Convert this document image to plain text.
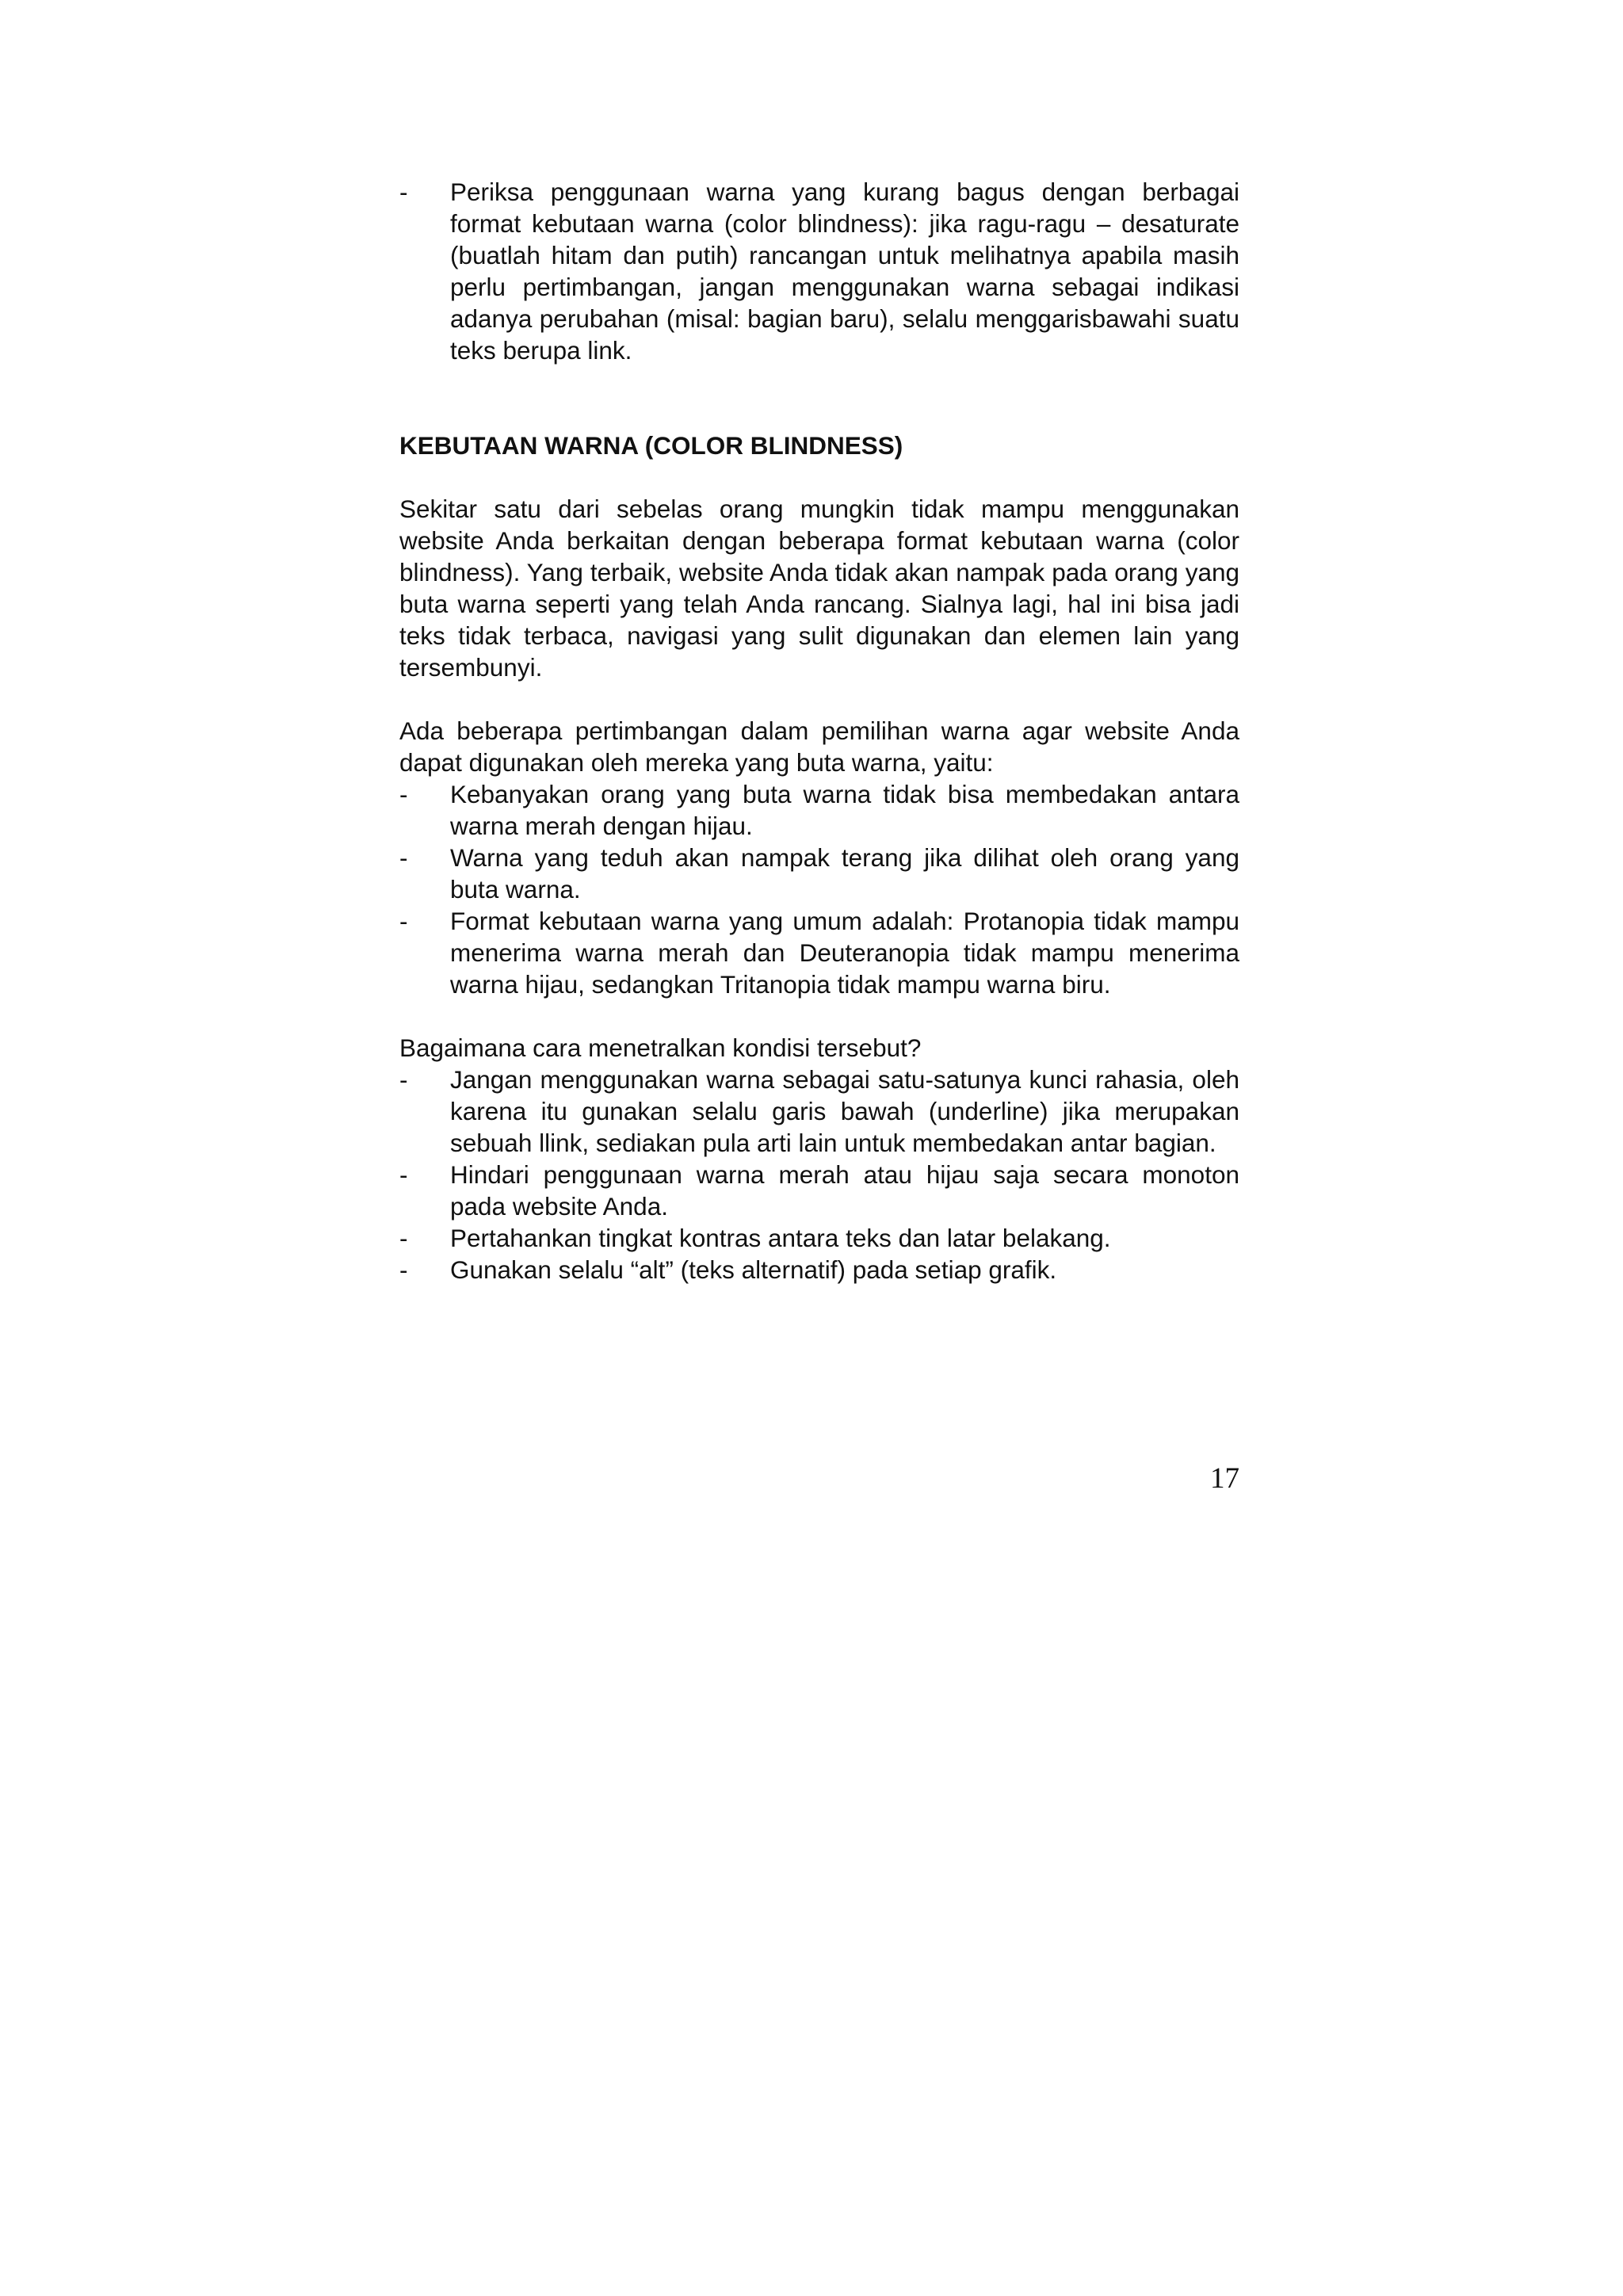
- Periksa penggunaan warna yang kurang bagus dengan berbagai format kebutaan warna (color blindness): jika ragu-ragu – desaturate (buatlah hitam dan putih) rancangan untuk melihatnya apabila masih perlu pertimbangan, jangan menggunakan warna sebagai indikasi adanya perubahan (misal: bagian baru), selalu menggarisbawahi suatu teks berupa link.
KEBUTAAN WARNA (COLOR BLINDNESS)
Sekitar satu dari sebelas orang mungkin tidak mampu menggunakan website Anda berkaitan dengan beberapa format kebutaan warna (color blindness). Yang terbaik, website Anda tidak akan nampak pada orang yang buta warna seperti yang telah Anda rancang. Sialnya lagi, hal ini bisa jadi teks tidak terbaca, navigasi yang sulit digunakan dan elemen lain yang tersembunyi.
Ada beberapa pertimbangan dalam pemilihan warna agar website Anda dapat digunakan oleh mereka yang buta warna, yaitu:
- Kebanyakan orang yang buta warna tidak bisa membedakan antara warna merah dengan hijau.
- Warna yang teduh akan nampak terang jika dilihat oleh orang yang buta warna.
- Format kebutaan warna yang umum adalah: Protanopia tidak mampu menerima warna merah dan Deuteranopia tidak mampu menerima warna hijau, sedangkan Tritanopia tidak mampu warna biru.
Bagaimana cara menetralkan kondisi tersebut?
- Jangan menggunakan warna sebagai satu-satunya kunci rahasia, oleh karena itu gunakan selalu garis bawah (underline) jika merupakan sebuah llink, sediakan pula arti lain untuk membedakan antar bagian.
- Hindari penggunaan warna merah atau hijau saja secara monoton pada website Anda.
- Pertahankan tingkat kontras antara teks dan latar belakang.
- Gunakan selalu “alt” (teks alternatif) pada setiap grafik.
17
